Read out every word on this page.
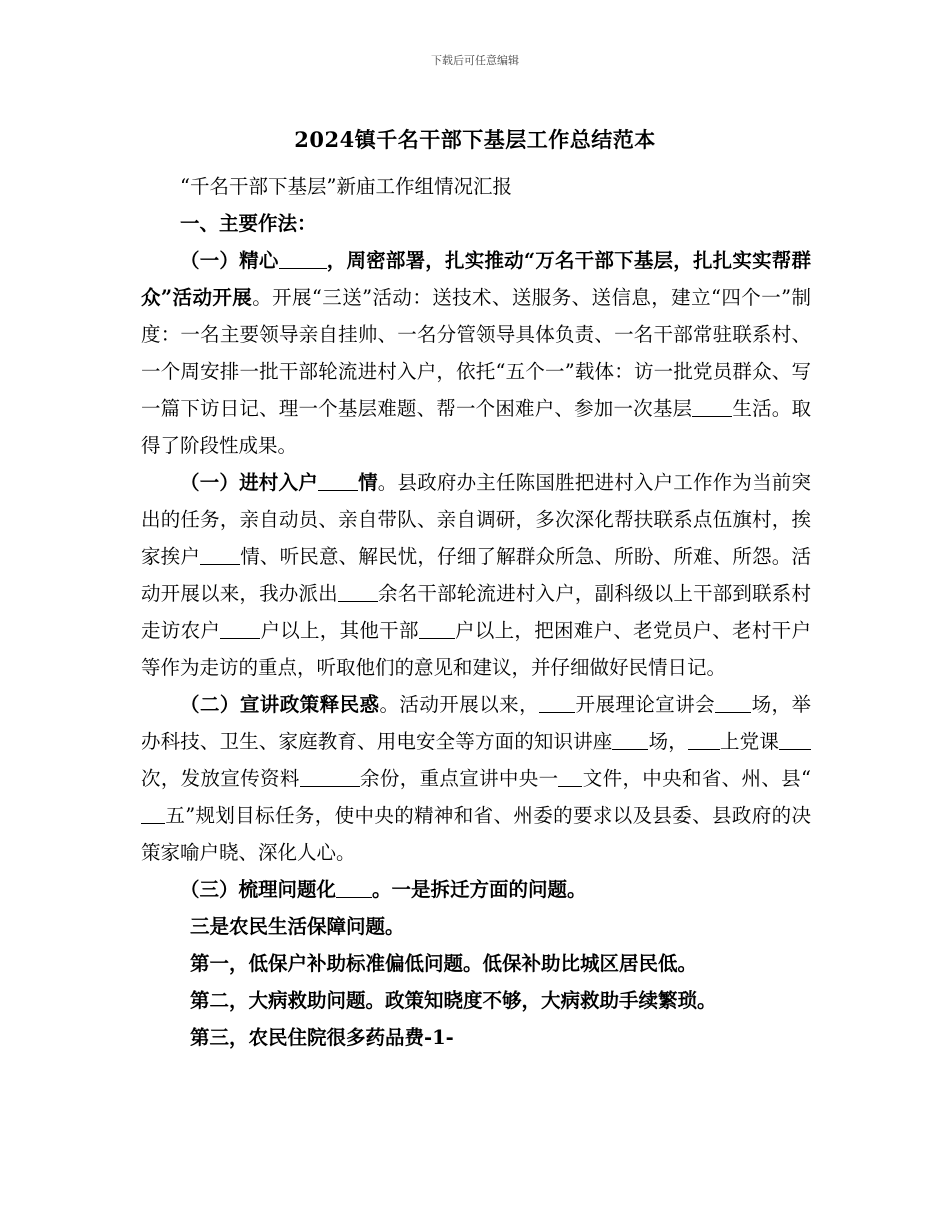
下载后可任意编辑
2024镇千名干部下基层工作总结范本

“千名干部下基层”新庙工作组情况汇报

一、主要作法：

（一）精心 ，周密部署，扎实推动“万名干部下基层，扎扎实实帮群众”活动开展。开展“三送”活动：送技术、送服务、送信息，建立“四个一”制度：一名主要领导亲自挂帅、一名分管领导具体负责、一名干部常驻联系村、一个周安排一批干部轮流进村入户，依托“五个一”载体：访一批党员群众、写一篇下访日记、理一个基层难题、帮一个困难户、参加一次基层 生活。取得了阶段性成果。

（一）进村入户 情。县政府办主任陈国胜把进村入户工作作为当前突出的任务，亲自动员、亲自带队、亲自调研，多次深化帮扶联系点伍旗村，挨家挨户 情、听民意、解民忧，仔细了解群众所急、所盼、所难、所怨。活动开展以来，我办派出 余名干部轮流进村入户，副科级以上干部到联系村走访农户 户以上，其他干部 户以上，把困难户、老党员户、老村干户等作为走访的重点，听取他们的意见和建议，并仔细做好民情日记。

（二）宣讲政策释民惑。活动开展以来， 开展理论宣讲会 场，举办科技、卫生、家庭教育、用电安全等方面的知识讲座 场， 上党课次，发放宣传资料	余份，重点宣讲中央一 文件，中央和省、州、县“五”规划目标任务，使中央的精神和省、州委的要求以及县委、县政府的决策家喻户晓、深化人心。

（三）梳理问题化 。一是拆迁方面的问题。

三是农民生活保障问题。

第一，低保户补助标准偏低问题。低保补助比城区居民低。

第二，大病救助问题。政策知晓度不够，大病救助手续繁琐。

第三，农民住院很多药品费-1-
